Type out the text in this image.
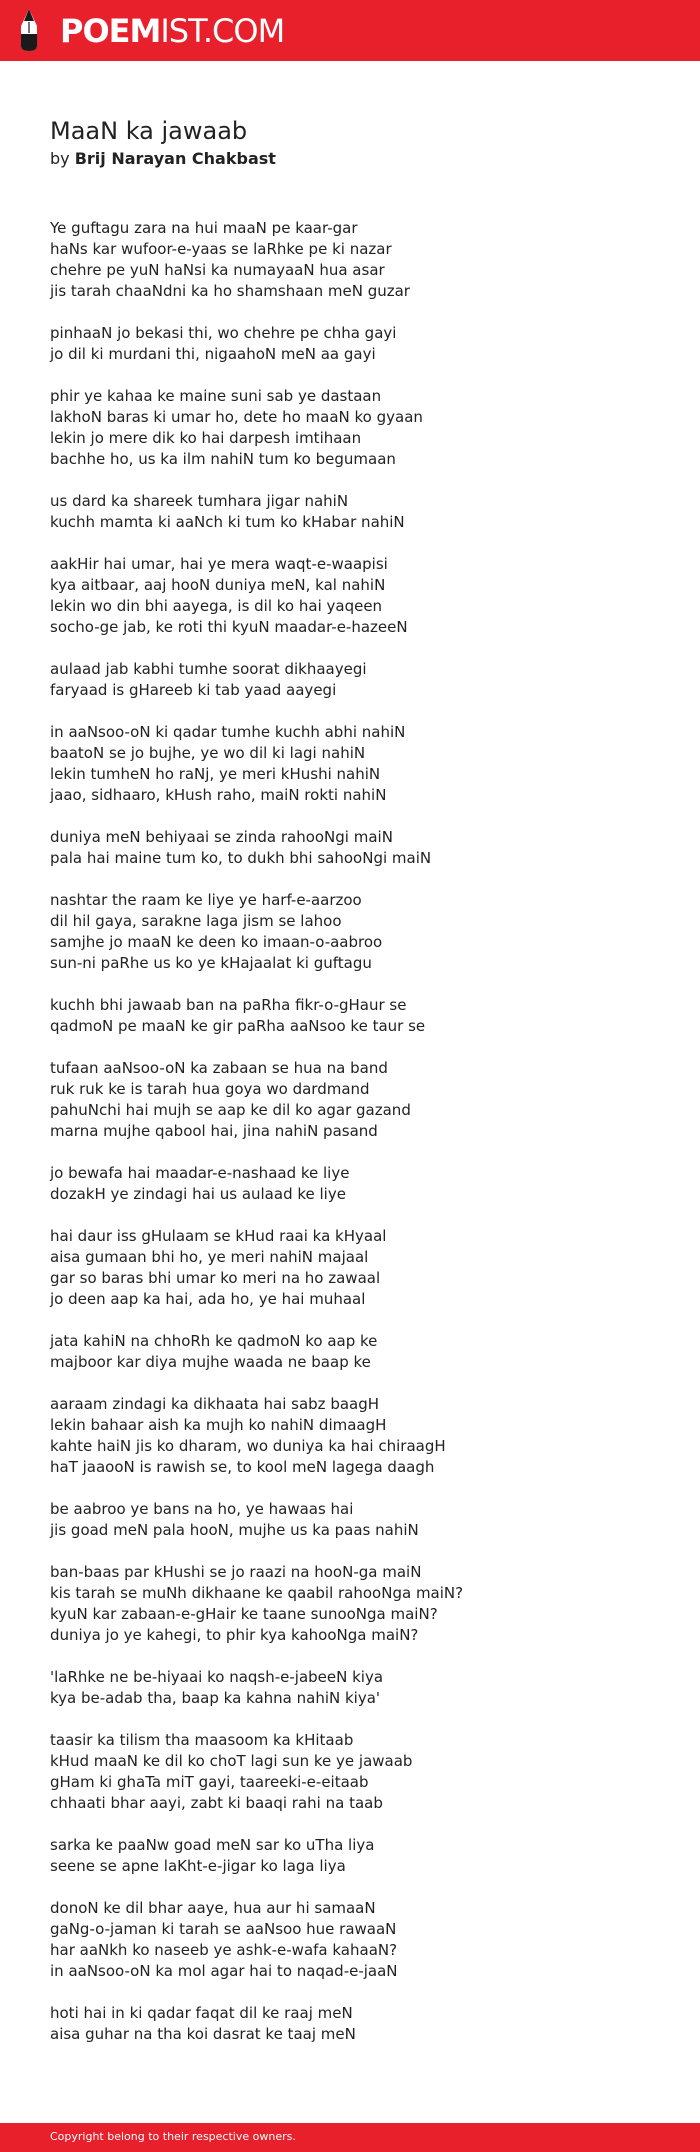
POEMIST.COM
MaaN ka jawaab
by Brij Narayan Chakbast
Ye guftagu zara na hui maaN pe kaar-gar
haNs kar wufoor-e-yaas se laRhke pe ki nazar
chehre pe yuN haNsi ka numayaaN hua asar
jis tarah chaaNdni ka ho shamshaan meN guzar
pinhaaN jo bekasi thi, wo chehre pe chha gayi
jo dil ki murdani thi, nigaahoN meN aa gayi
phir ye kahaa ke maine suni sab ye dastaan
lakhoN baras ki umar ho, dete ho maaN ko gyaan
lekin jo mere dik ko hai darpesh imtihaan
bachhe ho, us ka ilm nahiN tum ko begumaan
us dard ka shareek tumhara jigar nahiN
kuchh mamta ki aaNch ki tum ko kHabar nahiN
aakHir hai umar, hai ye mera waqt-e-waapisi
kya aitbaar, aaj hooN duniya meN, kal nahiN
lekin wo din bhi aayega, is dil ko hai yaqeen
socho-ge jab, ke roti thi kyuN maadar-e-hazeeN
aulaad jab kabhi tumhe soorat dikhaayegi
faryaad is gHareeb ki tab yaad aayegi
in aaNsoo-oN ki qadar tumhe kuchh abhi nahiN
baatoN se jo bujhe, ye wo dil ki lagi nahiN
lekin tumheN ho raNj, ye meri kHushi nahiN
jaao, sidhaaro, kHush raho, maiN rokti nahiN
duniya meN behiyaai se zinda rahooNgi maiN
pala hai maine tum ko, to dukh bhi sahooNgi maiN
nashtar the raam ke liye ye harf-e-aarzoo
dil hil gaya, sarakne laga jism se lahoo
samjhe jo maaN ke deen ko imaan-o-aabroo
sun-ni paRhe us ko ye kHajaalat ki guftagu
kuchh bhi jawaab ban na paRha fikr-o-gHaur se
qadmoN pe maaN ke gir paRha aaNsoo ke taur se
tufaan aaNsoo-oN ka zabaan se hua na band
ruk ruk ke is tarah hua goya wo dardmand
pahuNchi hai mujh se aap ke dil ko agar gazand
marna mujhe qabool hai, jina nahiN pasand
jo bewafa hai maadar-e-nashaad ke liye
dozakH ye zindagi hai us aulaad ke liye
hai daur iss gHulaam se kHud raai ka kHyaal
aisa gumaan bhi ho, ye meri nahiN majaal
gar so baras bhi umar ko meri na ho zawaal
jo deen aap ka hai, ada ho, ye hai muhaal
jata kahiN na chhoRh ke qadmoN ko aap ke
majboor kar diya mujhe waada ne baap ke
aaraam zindagi ka dikhaata hai sabz baagH
lekin bahaar aish ka mujh ko nahiN dimaagH
kahte haiN jis ko dharam, wo duniya ka hai chiraagH
haT jaaooN is rawish se, to kool meN lagega daagh
be aabroo ye bans na ho, ye hawaas hai
jis goad meN pala hooN, mujhe us ka paas nahiN
ban-baas par kHushi se jo raazi na hooN-ga maiN
kis tarah se muNh dikhaane ke qaabil rahooNga maiN?
kyuN kar zabaan-e-gHair ke taane sunooNga maiN?
duniya jo ye kahegi, to phir kya kahooNga maiN?
'laRhke ne be-hiyaai ko naqsh-e-jabeeN kiya
kya be-adab tha, baap ka kahna nahiN kiya'
taasir ka tilism tha maasoom ka kHitaab
kHud maaN ke dil ko choT lagi sun ke ye jawaab
gHam ki ghaTa miT gayi, taareeki-e-eitaab
chhaati bhar aayi, zabt ki baaqi rahi na taab
sarka ke paaNw goad meN sar ko uTha liya
seene se apne laKht-e-jigar ko laga liya
donoN ke dil bhar aaye, hua aur hi samaaN
gaNg-o-jaman ki tarah se aaNsoo hue rawaaN
har aaNkh ko naseeb ye ashk-e-wafa kahaaN?
in aaNsoo-oN ka mol agar hai to naqad-e-jaaN
hoti hai in ki qadar faqat dil ke raaj meN
aisa guhar na tha koi dasrat ke taaj meN
Copyright belong to their respective owners.
